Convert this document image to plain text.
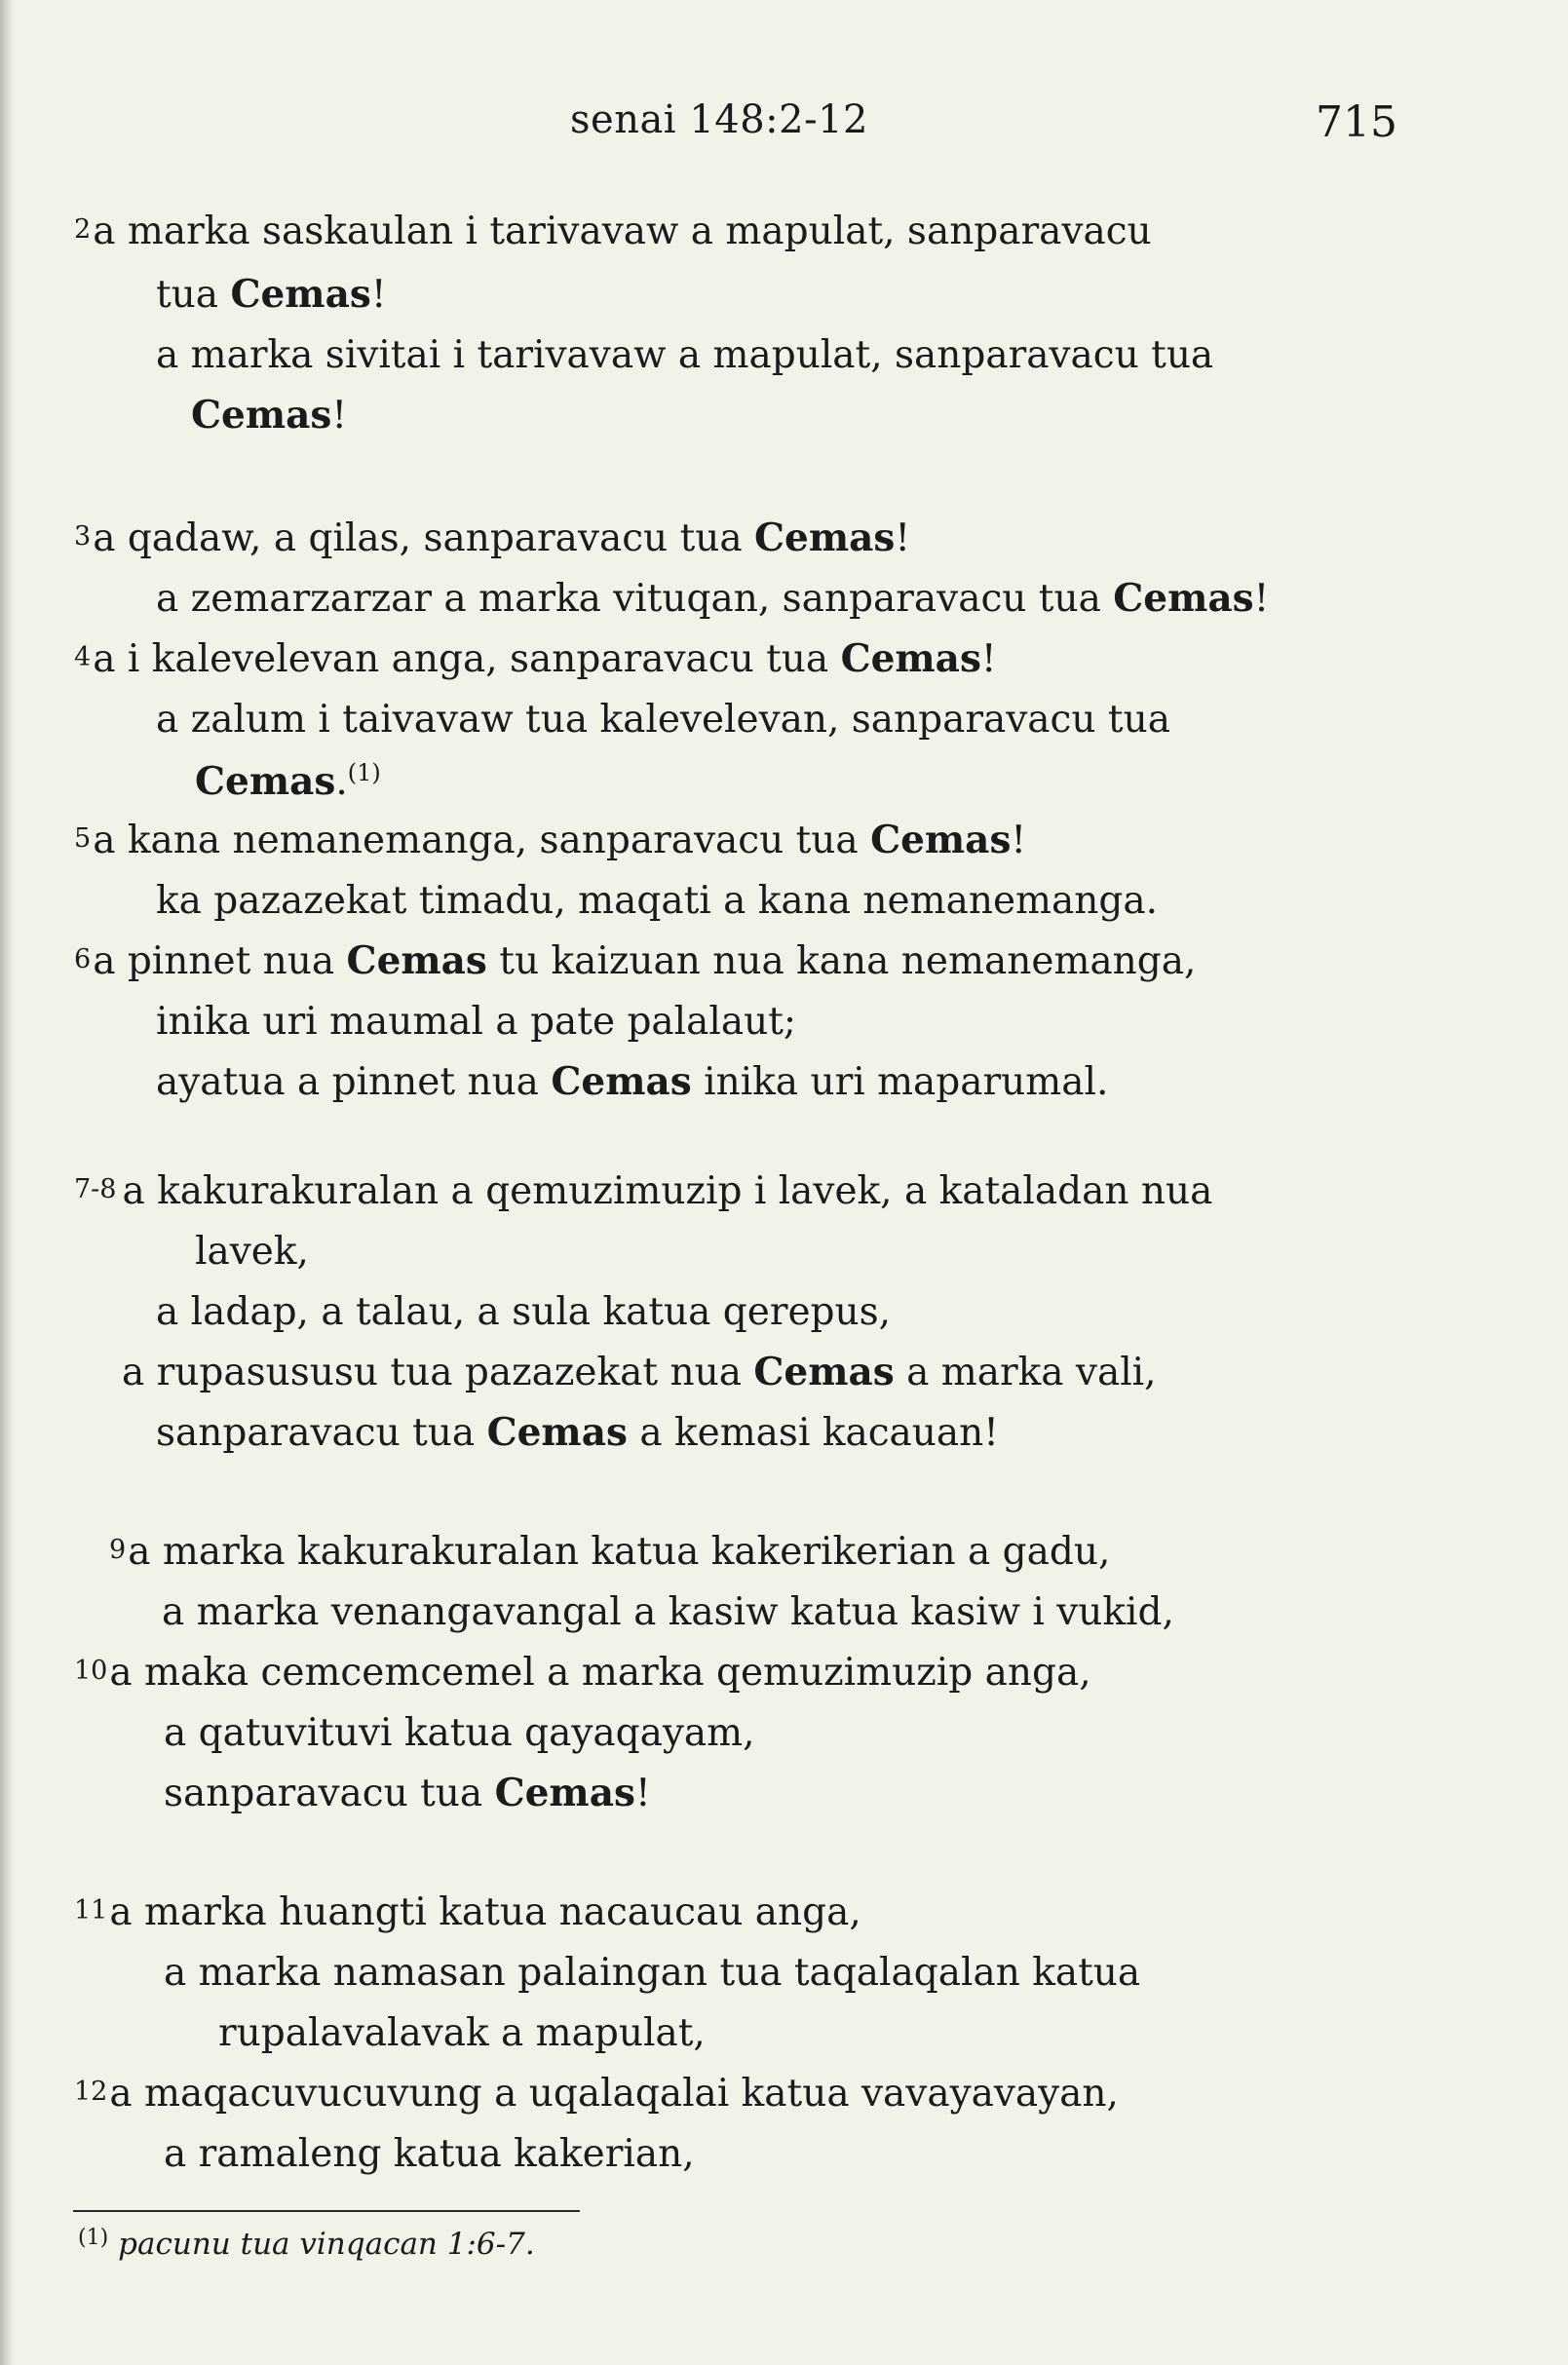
senai 148:2-12	715
2a marka saskaulan i tarivavaw a mapulat, sanparavacu
tua Cemas!
a marka sivitai i tarivavaw a mapulat, sanparavacu tua
Cemas!
3a qadaw, a qilas, sanparavacu tua Cemas!
a zemarzarzar a marka vituqan, sanparavacu tua Cemas!
4a i kalevelevan anga, sanparavacu tua Cemas!
a zalum i taivavaw tua kalevelevan, sanparavacu tua
Cemas.$^{(1)}$
5a kana nemanemanga, sanparavacu tua Cemas!
ka pazazekat timadu, maqati a kana nemanemanga.
6a pinnet nua Cemas tu kaizuan nua kana nemanemanga,
inika uri maumal a pate palalaut;
ayatua a pinnet nua Cemas inika uri maparumal.
7-8 a kakurakuralan a qemuzimuzip i lavek, a kataladan nua
lavek,
a ladap, a talau, a sula katua qerepus,
a rupasususu tua pazazekat nua Cemas a marka vali,
sanparavacu tua Cemas a kemasi kacauan!
9a marka kakurakuralan katua kakerikerian a gadu,
a marka venangavangal a kasiw katua kasiw i vukid,
10a maka cemcemcemel a marka qemuzimuzip anga,
a qatuvituvi katua qayaqayam,
sanparavacu tua Cemas!
11a marka huangti katua nacaucau anga,
a marka namasan palaingan tua taqalaqalan katua
rupalavalavak a mapulat,
12a maqacuvucuvung a uqalaqalai katua vavayavayan,
a ramaleng katua kakerian,
$^{(1)}$ pacunu tua vinqacan 1:6-7.
